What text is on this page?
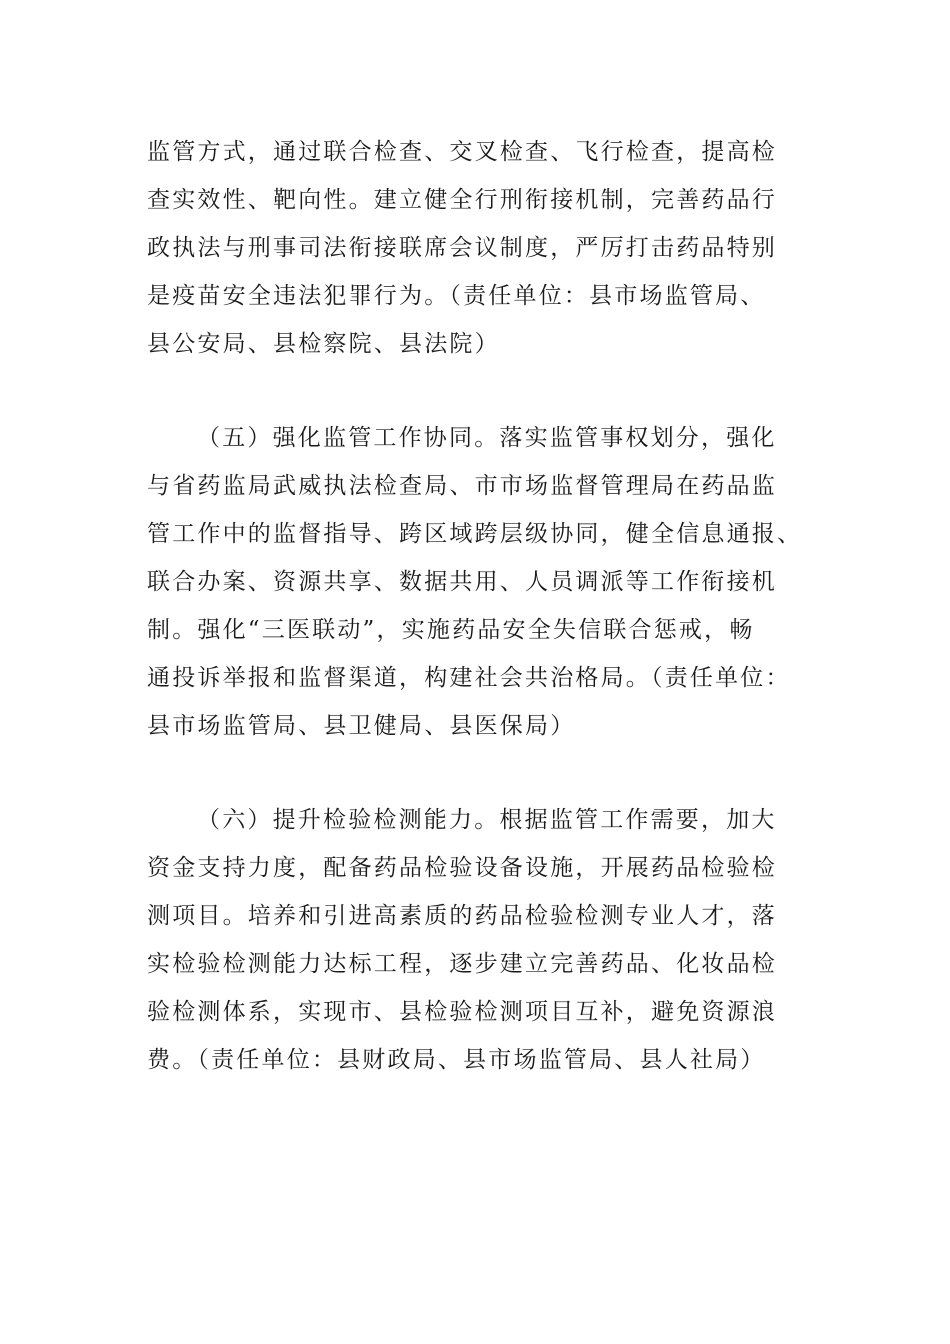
监管方式，通过联合检查、交叉检查、飞行检查，提高检
查实效性、靶向性。建立健全行刑衔接机制，完善药品行
政执法与刑事司法衔接联席会议制度，严厉打击药品特别
是疫苗安全违法犯罪行为。（责任单位：县市场监管局、
县公安局、县检察院、县法院）
（五）强化监管工作协同。落实监管事权划分，强化
与省药监局武威执法检查局、市市场监督管理局在药品监
管工作中的监督指导、跨区域跨层级协同，健全信息通报、
联合办案、资源共享、数据共用、人员调派等工作衔接机
制。强化“三医联动”，实施药品安全失信联合惩戒，畅
通投诉举报和监督渠道，构建社会共治格局。（责任单位：
县市场监管局、县卫健局、县医保局）
（六）提升检验检测能力。根据监管工作需要，加大
资金支持力度，配备药品检验设备设施，开展药品检验检
测项目。培养和引进高素质的药品检验检测专业人才，落
实检验检测能力达标工程，逐步建立完善药品、化妆品检
验检测体系，实现市、县检验检测项目互补，避免资源浪
费。（责任单位：县财政局、县市场监管局、县人社局）
